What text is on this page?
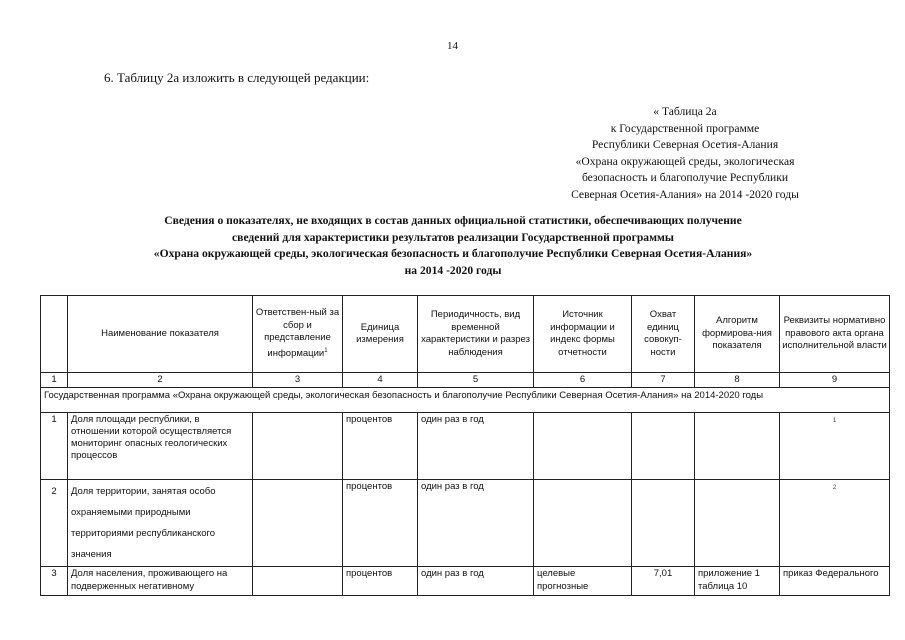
14
6. Таблицу 2а изложить в следующей редакции:
« Таблица 2а
к Государственной программе
Республики Северная Осетия-Алания
«Охрана окружающей среды, экологическая
безопасность и благополучие Республики
Северная Осетия-Алания» на 2014 -2020 годы
Сведения о показателях, не входящих в состав данных официальной статистики, обеспечивающих получение
сведений для характеристики результатов реализации Государственной программы
«Охрана окружающей среды, экологическая безопасность и благополучие Республики Северная Осетия-Алания»
на 2014 -2020 годы
	Наименование показателя	Ответствен-ный за сбор и представление информации$^1$	Единица измерения	Периодичность, вид временной характеристики и разрез наблюдения	Источник информации и индекс формы отчетности	Охват единиц совокуп-ности	Алгоритм формирова-ния показателя	Реквизиты нормативно правового акта органа исполнительной власти
1	2	3	4	5	6	7	8	9
Государственная программа «Охрана окружающей среды, экологическая безопасность и благополучие Республики Северная Осетия-Алания» на 2014-2020 годы								
1	Доля площади республики, в отношении которой осуществляется мониторинг опасных геологических процессов		процентов	один раз в год				1
2	Доля территории, занятая особо охраняемыми природными территориями республиканского значения		процентов	один раз в год				2
3	Доля населения, проживающего на подверженных негативному		процентов	один раз в год	целевые прогнозные	7,01	приложение 1 таблица 10	приказ Федерального
